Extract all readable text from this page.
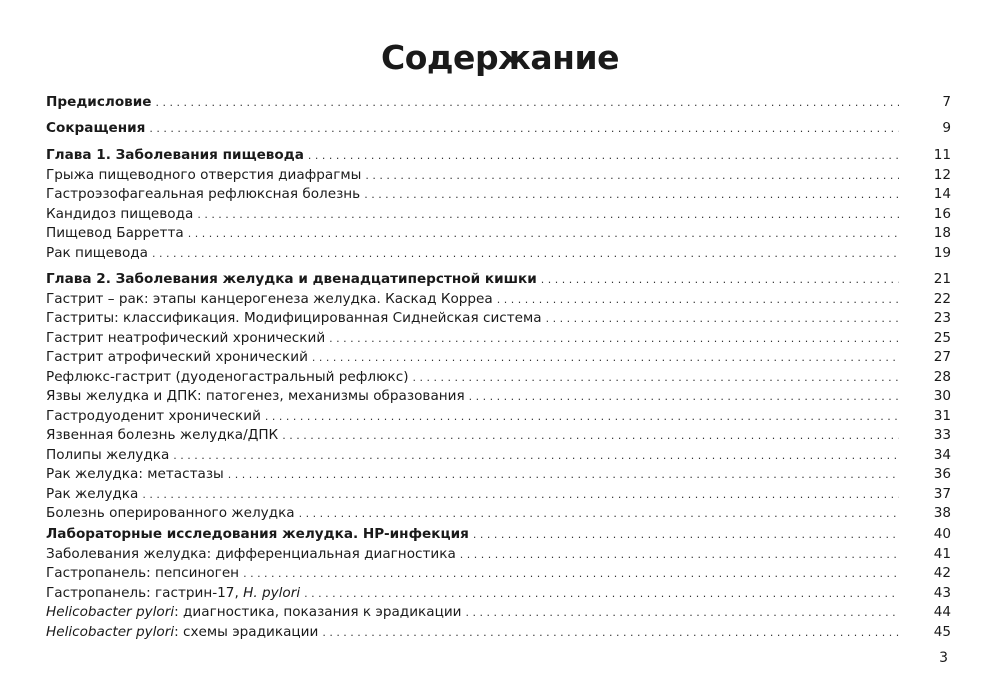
Содержание
Предисловие . . .	7
Сокращения . . .	9
Глава 1. Заболевания пищевода . . .	11
Грыжа пищеводного отверстия диафрагмы . . .	12
Гастроэзофагеальная рефлюксная болезнь . . .	14
Кандидоз пищевода . . .	16
Пищевод Барретта . . .	18
Рак пищевода . . .	19
Глава 2. Заболевания желудка и двенадцатиперстной кишки . . .	21
Гастрит – рак: этапы канцерогенеза желудка. Каскад Корреа . . .	22
Гастриты: классификация. Модифицированная Сиднейская система . . .	23
Гастрит неатрофический хронический . . .	25
Гастрит атрофический хронический . . .	27
Рефлюкс-гастрит (дуоденогастральный рефлюкс) . . .	28
Язвы желудка и ДПК: патогенез, механизмы образования . . .	30
Гастродуоденит хронический . . .	31
Язвенная болезнь желудка/ДПК . . .	33
Полипы желудка . . .	34
Рак желудка: метастазы . . .	36
Рак желудка . . .	37
Болезнь оперированного желудка . . .	38
Лабораторные исследования желудка. HP-инфекция . . .	40
Заболевания желудка: дифференциальная диагностика . . .	41
Гастропанель: пепсиноген . . .	42
Гастропанель: гастрин-17, H. pylori . . .	43
Helicobacter pylori: диагностика, показания к эрадикации . . .	44
Helicobacter pylori: схемы эрадикации . . .	45
3
